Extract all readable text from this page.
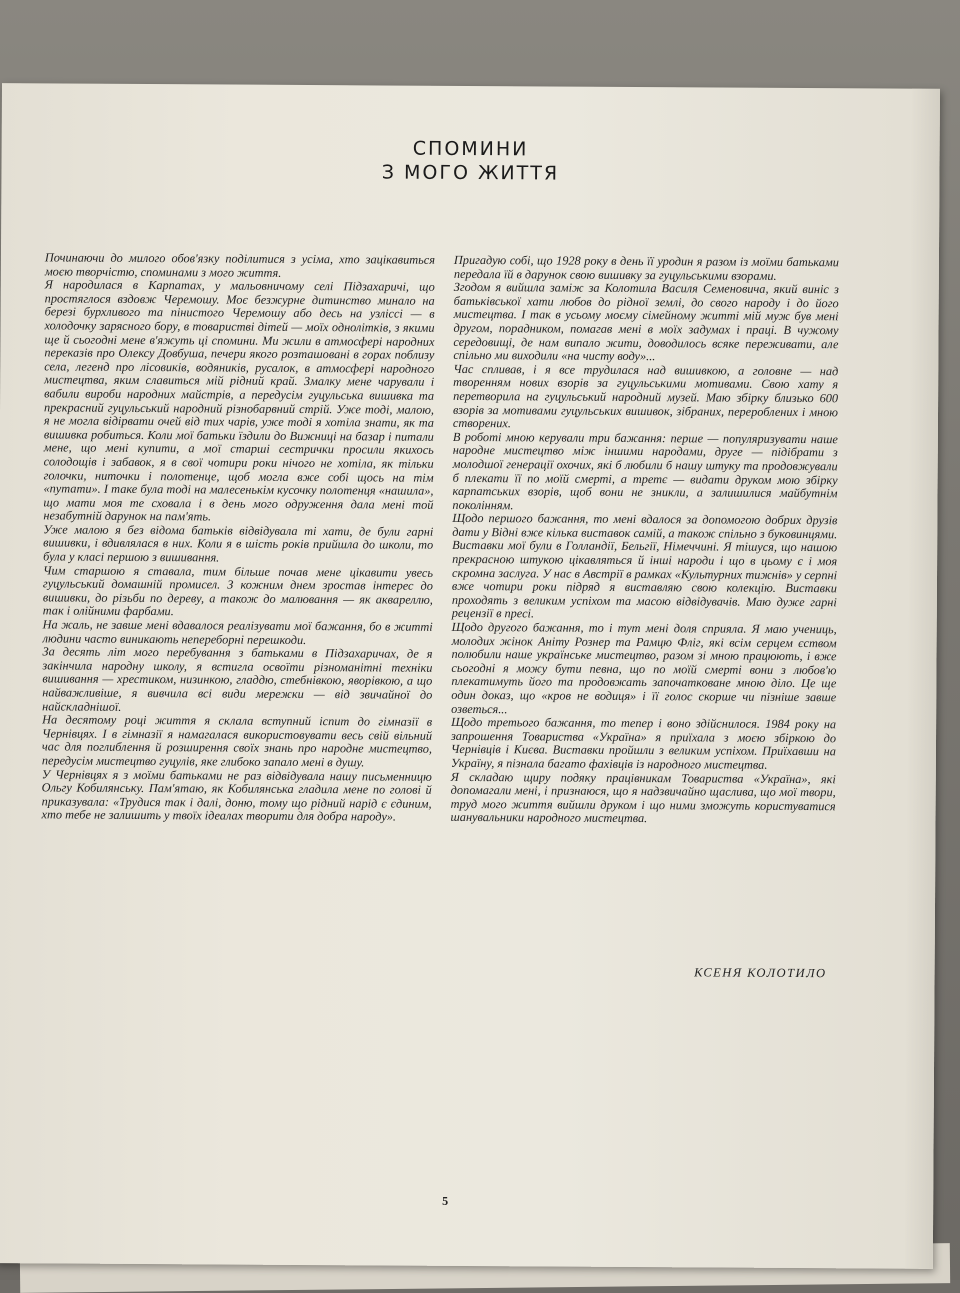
СПОМИНИ
З МОГО ЖИТТЯ

Починаючи до милого обов'язку поділитися з усіма, хто зацікавиться моєю творчістю, споминами з мого життя.

Я народилася в Карпатах, у мальовничому селі Підзахаричі, що простяглося вздовж Черемошу. Моє безжурне дитинство минало на березі бурхливого та пінистого Черемошу або десь на узліссі — в холодочку зарясного бору, в товаристві дітей — моїх однолітків, з якими ще й сьогодні мене в'яжуть ці спомини. Ми жили в атмосфері народних переказів про Олексу Довбуша, печери якого розташовані в горах поблизу села, легенд про лісовиків, водяників, русалок, в атмосфері народного мистецтва, яким славиться мій рідний край. Змалку мене чарували і вабили вироби народних майстрів, а передусім гуцульська вишивка та прекрасний гуцульський народний різнобарвний стрій. Уже тоді, малою, я не могла відірвати очей від тих чарів, уже тоді я хотіла знати, як та вишивка робиться. Коли мої батьки їздили до Вижниці на базар і питали мене, що мені купити, а мої старші сестрички просили якихось солодощів і забавок, я в свої чотири роки нічого не хотіла, як тільки голочки, ниточки і полотенце, щоб могла вже собі щось на тім «путати». І таке була тоді на малесенькім кусочку полотенця «нашила», що мати моя те сховала і в день мого одруження дала мені той незабутній дарунок на пам'ять.

Уже малою я без відома батьків відвідувала ті хати, де були гарні вишивки, і вдивлялася в них. Коли я в шість років прийшла до школи, то була у класі першою з вишивання.

Чим старшою я ставала, тим більше почав мене цікавити увесь гуцульський домашній промисел. З кожним днем зростав інтерес до вишивки, до різьби по дереву, а також до малювання — як аквареллю, так і олійними фарбами.

На жаль, не завше мені вдавалося реалізувати мої бажання, бо в житті людини часто виникають непереборні перешкоди.

За десять літ мого перебування з батьками в Підзахаричах, де я закінчила народну школу, я встигла освоїти різноманітні техніки вишивання — хрестиком, низинкою, гладдю, стебнівкою, яворівкою, а що найважливіше, я вивчила всі види мережки — від звичайної до найскладнішої.

На десятому році життя я склала вступний іспит до гімназії в Чернівцях. І в гімназії я намагалася використовувати весь свій вільний час для поглиблення й розширення своїх знань про народне мистецтво, передусім мистецтво гуцулів, яке глибоко запало мені в душу.

У Чернівцях я з моїми батьками не раз відвідувала нашу письменницю Ольгу Кобилянську. Пам'ятаю, як Кобилянська гладила мене по голові й приказувала: «Трудися так і далі, доню, тому що рідний нарід є єдиним, хто тебе не залишить у твоїх ідеалах творити для добра народу».

Пригадую собі, що 1928 року в день її уродин я разом із моїми батьками передала їй в дарунок свою вишивку за гуцульськими взорами.

Згодом я вийшла заміж за Колотила Василя Семеновича, який виніс з батьківської хати любов до рідної землі, до свого народу і до його мистецтва. І так в усьому моєму сімейному житті мій муж був мені другом, порадником, помагав мені в моїх задумах і праці. В чужому середовищі, де нам випало жити, доводилось всяке переживати, але спільно ми виходили «на чисту воду»...

Час спливав, і я все трудилася над вишивкою, а головне — над творенням нових взорів за гуцульськими мотивами. Свою хату я перетворила на гуцульський народний музей. Маю збірку близько 600 взорів за мотивами гуцульських вишивок, зібраних, перероблених і мною створених.

В роботі мною керували три бажання: перше — популяризувати наше народне мистецтво між іншими народами, друге — підібрати з молодшої генерації охочих, які б любили б нашу штуку та продовжували б плекати її по моїй смерті, а третє — видати друком мою збірку карпатських взорів, щоб вони не зникли, а залишилися майбутнім поколінням.

Щодо першого бажання, то мені вдалося за допомогою добрих друзів дати у Відні вже кілька виставок самій, а також спільно з буковинцями. Виставки мої були в Голландії, Бельгії, Німеччині. Я тішуся, що нашою прекрасною штукою цікавляться й інші народи і що в цьому є і моя скромна заслуга. У нас в Австрії в рамках «Культурних тижнів» у серпні вже чотири роки підряд я виставляю свою колекцію. Виставки проходять з великим успіхом та масою відвідувачів. Маю дуже гарні рецензії в пресі.

Щодо другого бажання, то і тут мені доля сприяла. Я маю учениць, молодих жінок Аніту Рознер та Рамцю Фліг, які всім серцем єством полюбили наше українське мистецтво, разом зі мною працюють, і вже сьогодні я можу бути певна, що по моїй смерті вони з любов'ю плекатимуть його та продовжать започатковане мною діло. Це ще один доказ, що «кров не водиця» і її голос скорше чи пізніше завше озветься...

Щодо третього бажання, то тепер і воно здійснилося. 1984 року на запрошення Товариства «Україна» я приїхала з моєю збіркою до Чернівців і Києва. Виставки пройшли з великим успіхом. Приїхавши на Україну, я пізнала багато фахівців із народного мистецтва.

Я складаю щиру подяку працівникам Товариства «Україна», які допомагали мені, і признаюся, що я надзвичайно щаслива, що мої твори, труд мого життя вийшли друком і що ними зможуть користуватися шанувальники народного мистецтва.

КСЕНЯ КОЛОТИЛО
5
